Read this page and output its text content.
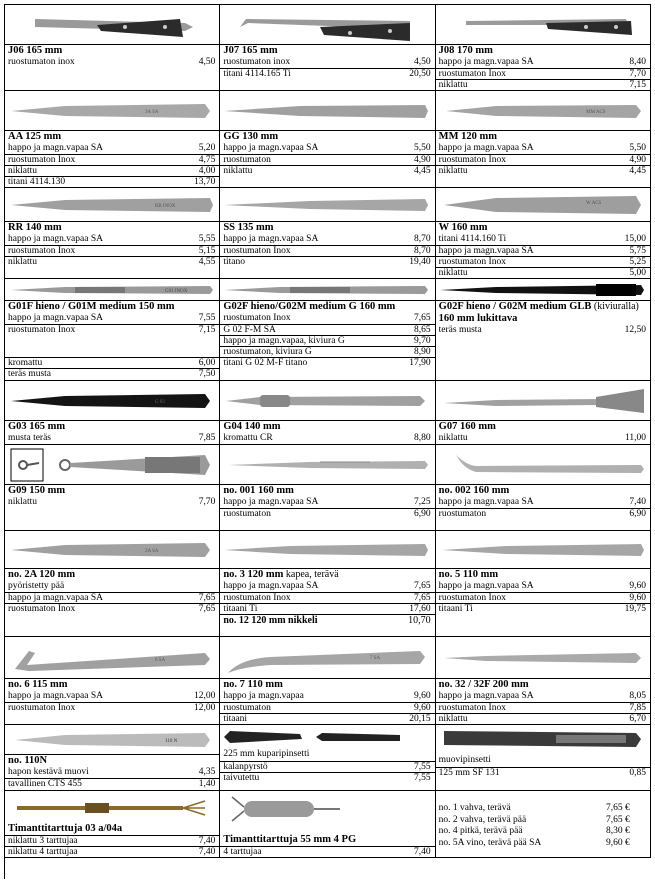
J06 165 mm
ruostumaton inox	4,50
J07 165 mm
ruostumaton inox	4,50
titani 4114.165 Ti	20,50
J08 170 mm
happo ja magn.vapaa SA	8,40
ruostumaton Inox	7,70
niklattu	7,15
3A SA
AA 125 mm
happo ja magn.vapaa SA	5,20
ruostumaton Inox	4,75
niklattu	4,00
titani 4114.130	13,70
GG 130 mm
happo ja magn.vapaa SA	5,50
ruostumaton	4,90
niklattu	4,45
MM ACS
MM 120 mm
happo ja magn.vapaa SA	5,50
ruostumaton Inox	4,90
niklattu	4,45
RR INOX
RR 140 mm
happo ja magn.vapaa SA	5,55
ruostumaton Inox	5,15
niklattu	4,55
SS 135 mm
happo ja magn.vapaa SA	8,70
ruostumaton Inox	8,70
titano	19,40
W ACS
W 160 mm
titani 4114.160 Ti	15,00
happo ja magn.vapaa SA	5,75
ruostumaton Inox	5,25
niklattu	5,00
G01 INOX
G01F hieno / G01M medium 150 mm
happo ja magn.vapaa SA	7,55
ruostumaton Inox	7,15
kromattu	6,00
teräs musta	7,50
G02F hieno/G02M medium G 160 mm
ruostumaton Inox	7,65
G 02 F-M SA	8,65
happo ja magn.vapaa, kiviura G	9,70
ruostumaton, kiviura G	8,90
titani G 02 M-F titano	17,90
G02F hieno / G02M medium GLB (kiviuralla)
160 mm lukittava
teräs musta	12,50
G 03
G03 165 mm
musta teräs	7,85
G04 140 mm
kromattu CR	8,80
G07 160 mm
niklattu	11,00
G09 150 mm
niklattu	7,70
no. 001 160 mm
happo ja magn.vapaa SA	7,25
ruostumaton	6,90
no. 002 160 mm
happo ja magn.vapaa SA	7,40
ruostumaton	6,90
2A SA
no. 2A 120 mm
pyöristetty pää
happo ja magn.vapaa SA	7,65
ruostumaton Inox	7,65
no. 3 120 mm kapea, terävä
happo ja magn.vapaa SA	7,65
ruostumaton Inox	7,65
titaani Ti	17,60
no. 12 120 mm nikkeli	10,70
no. 5 110 mm
happo ja magn.vapaa SA	9,60
ruostumaton Inox	9,60
titaani Ti	19,75
6 SA
no. 6 115 mm
happo ja magn.vapaa SA	12,00
ruostumaton Inox	12,00
7 SA
no. 7 110 mm
happo ja magn.vapaa	9,60
ruostumaton	9,60
titaani	20,15
no. 32 / 32F 200 mm
happo ja magn.vapaa SA	8,05
ruostumaton Inox	7,85
niklattu	6,70
110 N
no. 110N
hapon kestävä muovi	4,35
tavallinen CTS 455	1,40
225 mm kuparipinsetti
kalanpyrstö	7,55
taivutettu	7,55
muovipinsetti
125 mm SF 131	0,85
Timanttitarttuja 03 a/04a
niklattu 3 tarttujaa	7,40
niklattu 4 tarttujaa	7,40
Timanttitarttuja 55 mm 4 PG
4 tarttujaa	7,40
no. 1 vahva, terävä	7,65 €
no. 2 vahva, terävä pää	7,65 €
no. 4 pitkä, terävä pää	8,30 €
no. 5A vino, terävä pää SA	9,60 €
